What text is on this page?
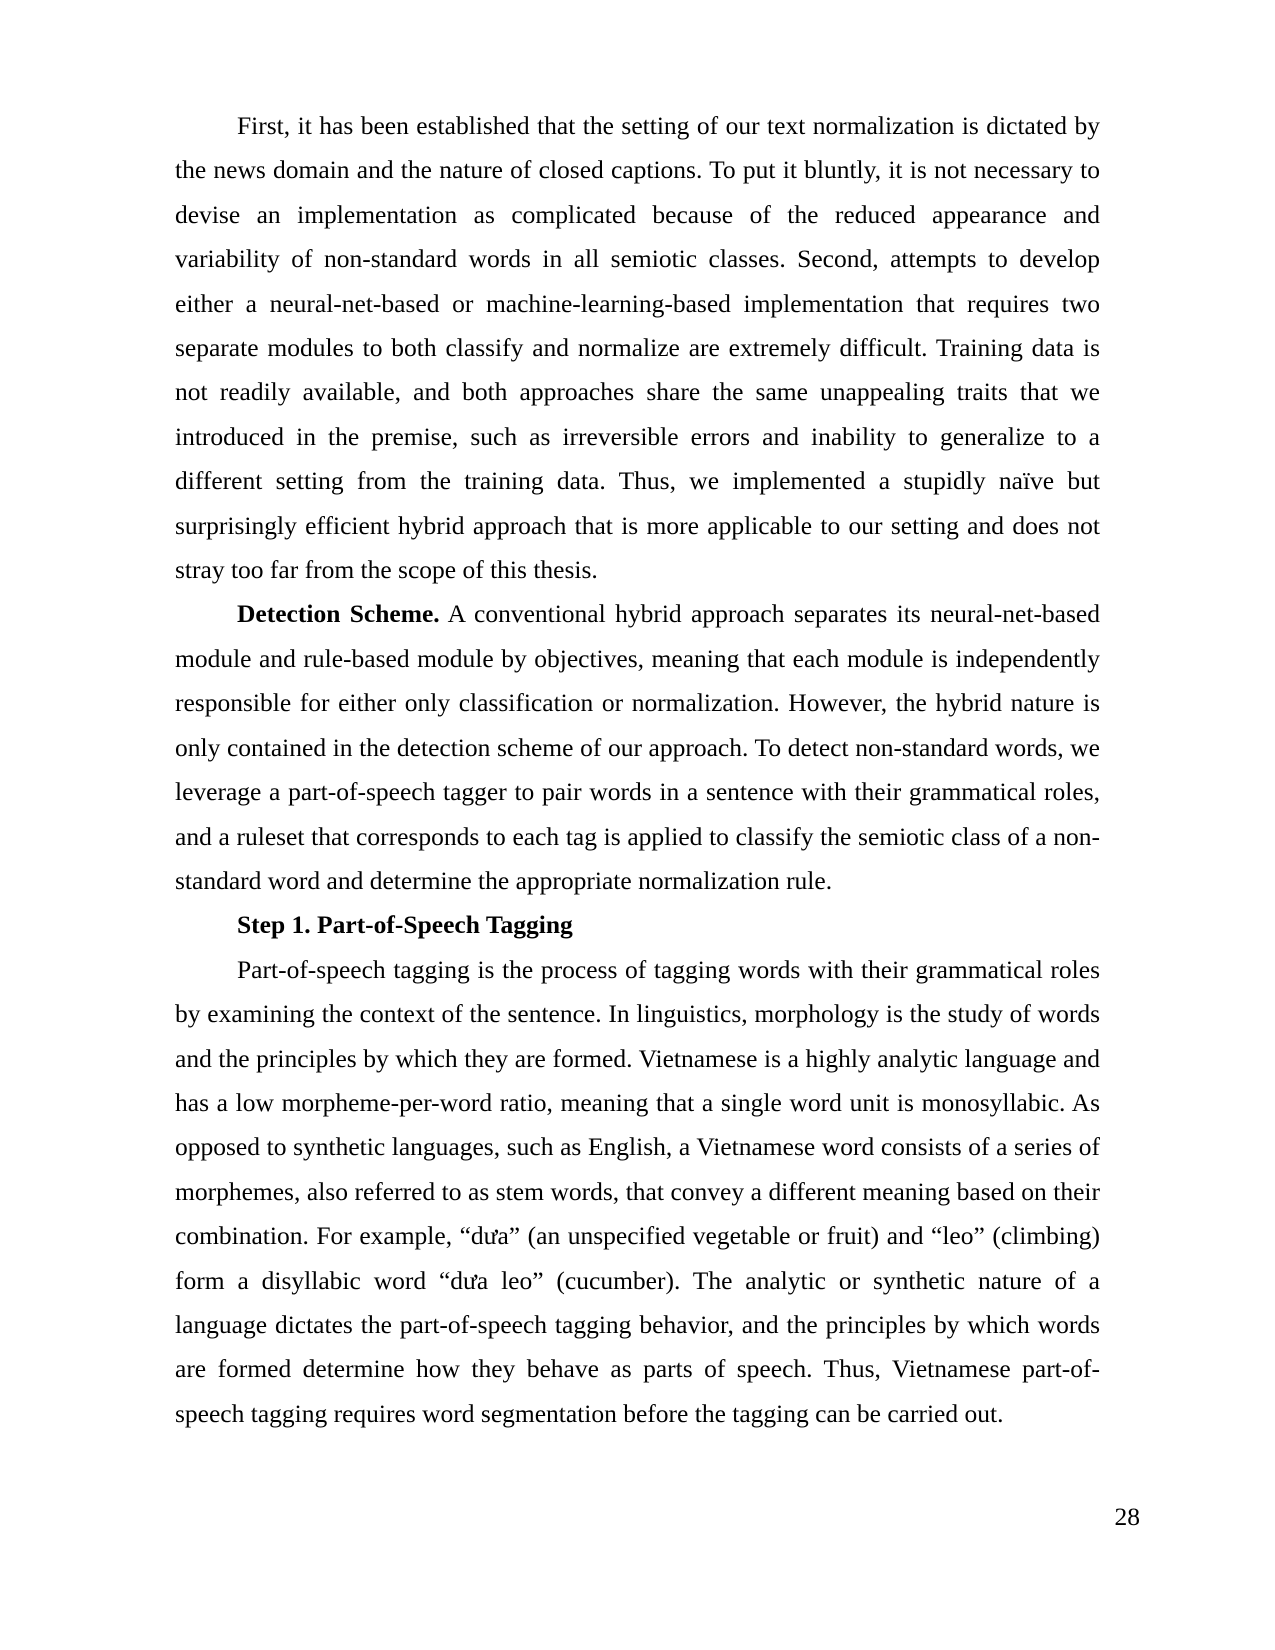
First, it has been established that the setting of our text normalization is dictated by the news domain and the nature of closed captions. To put it bluntly, it is not necessary to devise an implementation as complicated because of the reduced appearance and variability of non-standard words in all semiotic classes. Second, attempts to develop either a neural-net-based or machine-learning-based implementation that requires two separate modules to both classify and normalize are extremely difficult. Training data is not readily available, and both approaches share the same unappealing traits that we introduced in the premise, such as irreversible errors and inability to generalize to a different setting from the training data. Thus, we implemented a stupidly naïve but surprisingly efficient hybrid approach that is more applicable to our setting and does not stray too far from the scope of this thesis.

Detection Scheme. A conventional hybrid approach separates its neural-net-based module and rule-based module by objectives, meaning that each module is independently responsible for either only classification or normalization. However, the hybrid nature is only contained in the detection scheme of our approach. To detect non-standard words, we leverage a part-of-speech tagger to pair words in a sentence with their grammatical roles, and a ruleset that corresponds to each tag is applied to classify the semiotic class of a non-standard word and determine the appropriate normalization rule.

Step 1. Part-of-Speech Tagging

Part-of-speech tagging is the process of tagging words with their grammatical roles by examining the context of the sentence. In linguistics, morphology is the study of words and the principles by which they are formed. Vietnamese is a highly analytic language and has a low morpheme-per-word ratio, meaning that a single word unit is monosyllabic. As opposed to synthetic languages, such as English, a Vietnamese word consists of a series of morphemes, also referred to as stem words, that convey a different meaning based on their combination. For example, “dưa” (an unspecified vegetable or fruit) and “leo” (climbing) form a disyllabic word “dưa leo” (cucumber). The analytic or synthetic nature of a language dictates the part-of-speech tagging behavior, and the principles by which words are formed determine how they behave as parts of speech. Thus, Vietnamese part-of-speech tagging requires word segmentation before the tagging can be carried out.

28
